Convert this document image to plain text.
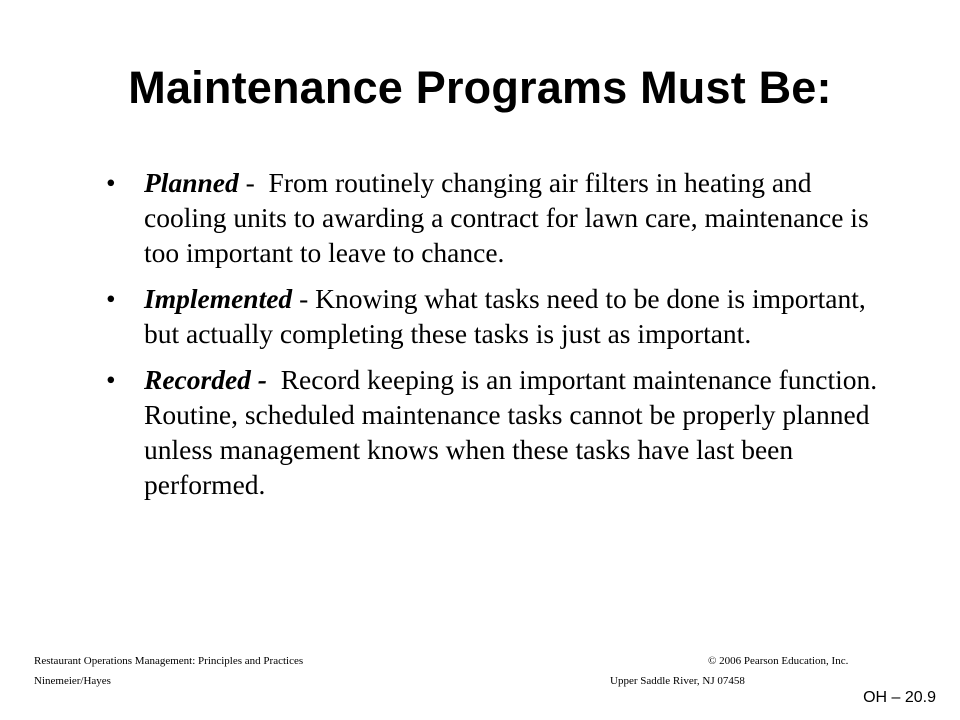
Maintenance Programs Must Be:
• Planned -  From routinely changing air filters in heating and cooling units to awarding a contract for lawn care, maintenance is too important to leave to chance.
• Implemented - Knowing what tasks need to be done is important, but actually completing these tasks is just as important.
• Recorded - Record keeping is an important maintenance function. Routine, scheduled maintenance tasks cannot be properly planned unless management knows when these tasks have last been performed.
Restaurant Operations Management: Principles and Practices
Ninemeier/Hayes
© 2006 Pearson Education, Inc.
Upper Saddle River, NJ 07458
OH – 20.9
